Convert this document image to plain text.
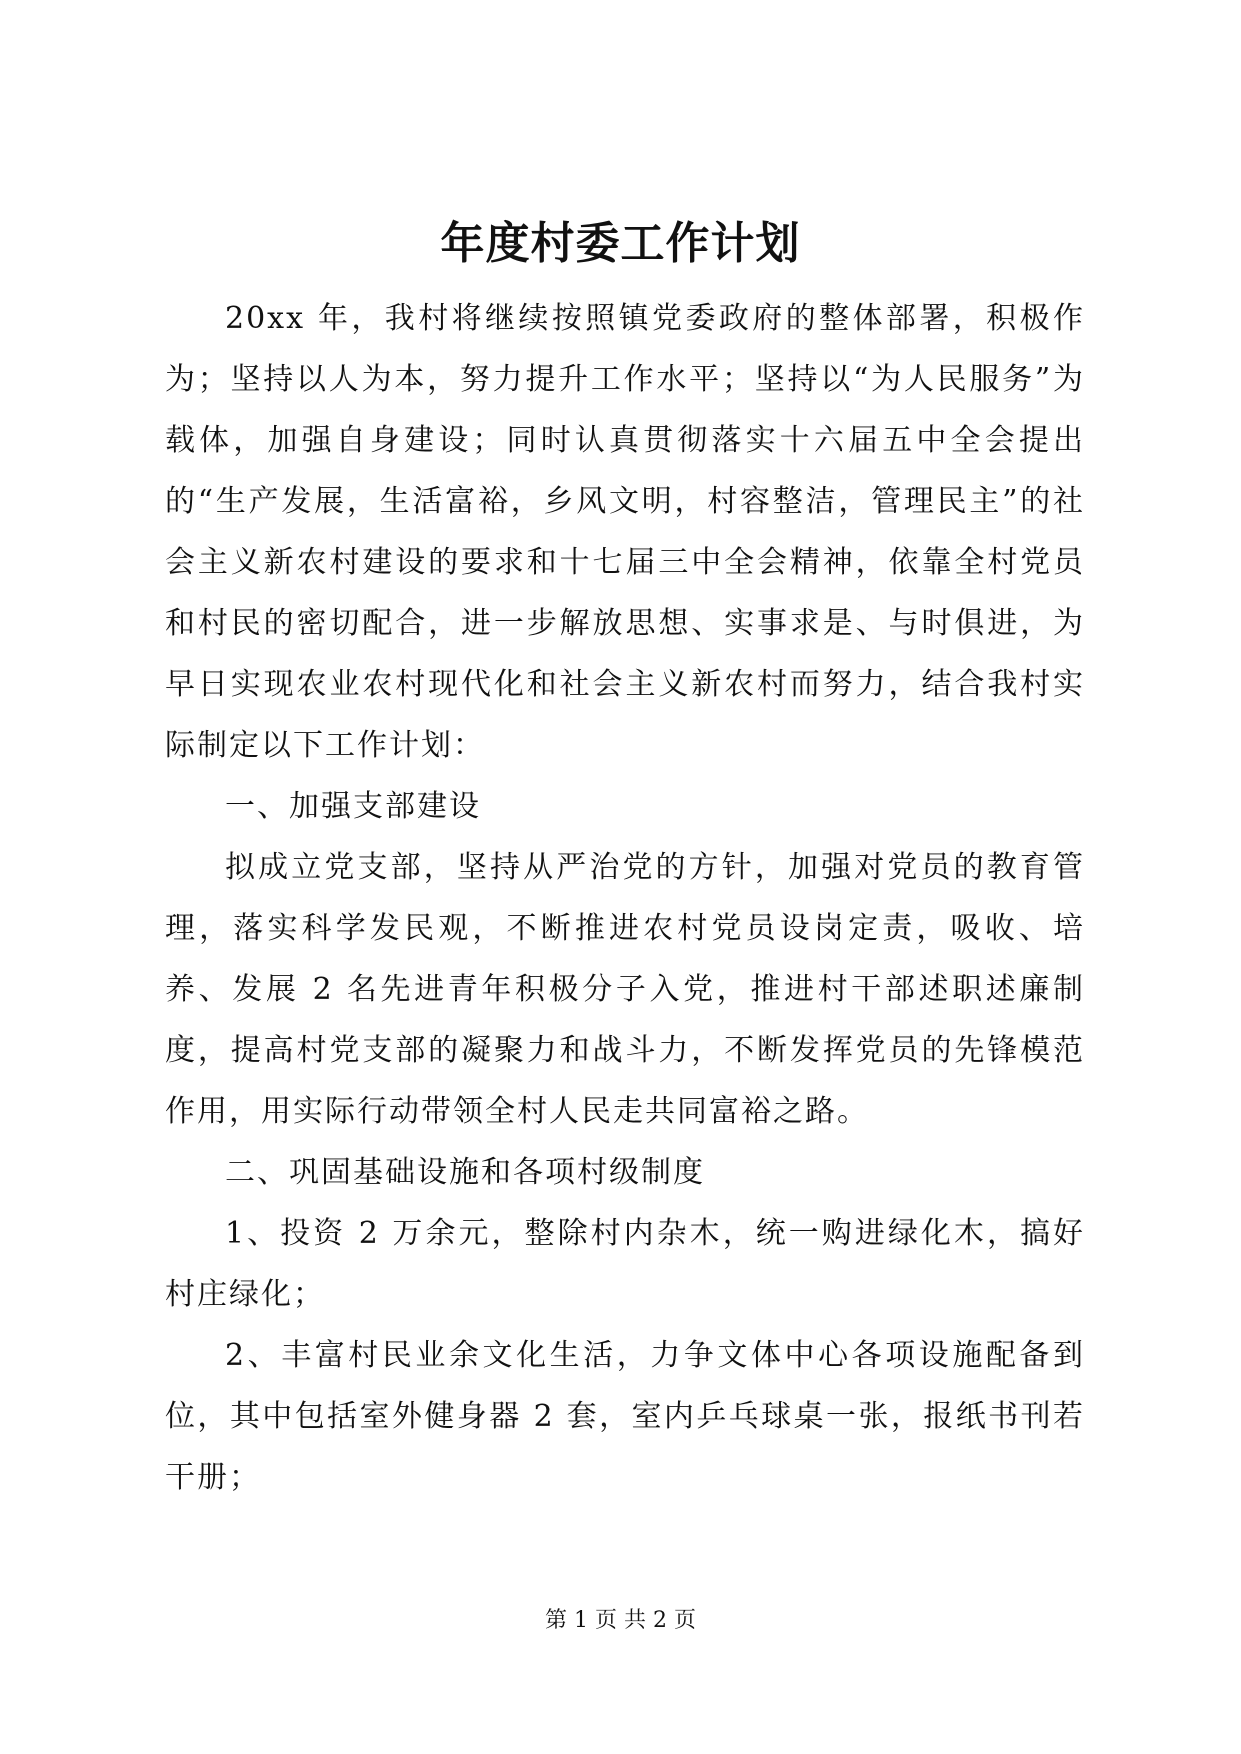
年度村委工作计划

20xx 年，我村将继续按照镇党委政府的整体部署，积极作为；坚持以人为本，努力提升工作水平；坚持以“为人民服务”为载体，加强自身建设；同时认真贯彻落实十六届五中全会提出的“生产发展，生活富裕，乡风文明，村容整洁，管理民主”的社会主义新农村建设的要求和十七届三中全会精神，依靠全村党员和村民的密切配合，进一步解放思想、实事求是、与时俱进，为早日实现农业农村现代化和社会主义新农村而努力，结合我村实际制定以下工作计划：

一、加强支部建设

拟成立党支部，坚持从严治党的方针，加强对党员的教育管理，落实科学发民观，不断推进农村党员设岗定责，吸收、培养、发展 2 名先进青年积极分子入党，推进村干部述职述廉制度，提高村党支部的凝聚力和战斗力，不断发挥党员的先锋模范作用，用实际行动带领全村人民走共同富裕之路。

二、巩固基础设施和各项村级制度

1、投资 2 万余元，整除村内杂木，统一购进绿化木，搞好村庄绿化；

2、丰富村民业余文化生活，力争文体中心各项设施配备到位，其中包括室外健身器 2 套，室内乒乓球桌一张，报纸书刊若干册；

第 1 页 共 2 页
